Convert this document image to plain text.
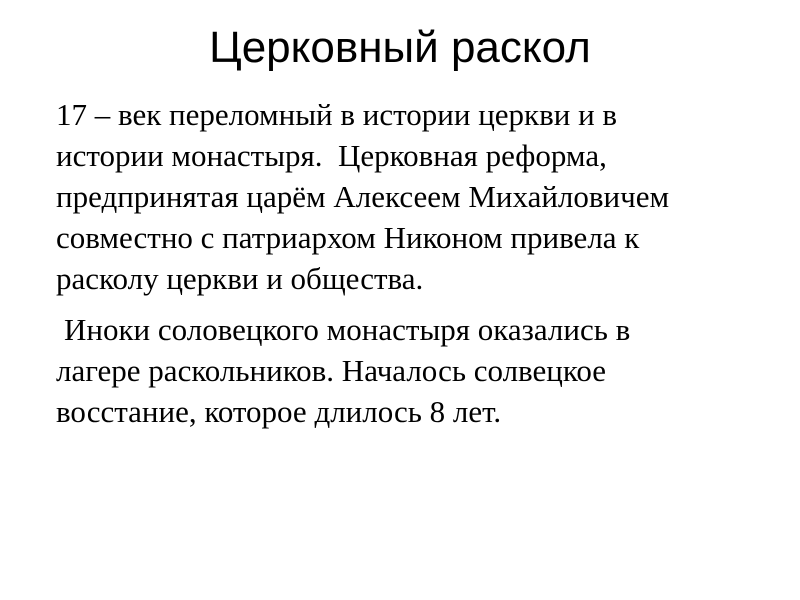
Церковный раскол

17 – век переломный в истории церкви и в
истории монастыря.  Церковная реформа,
предпринятая царём Алексеем Михайловичем
совместно с патриархом Никоном привела к
расколу церкви и общества.

Иноки соловецкого монастыря оказались в
лагере раскольников. Началось солвецкое
восстание, которое длилось 8 лет.
